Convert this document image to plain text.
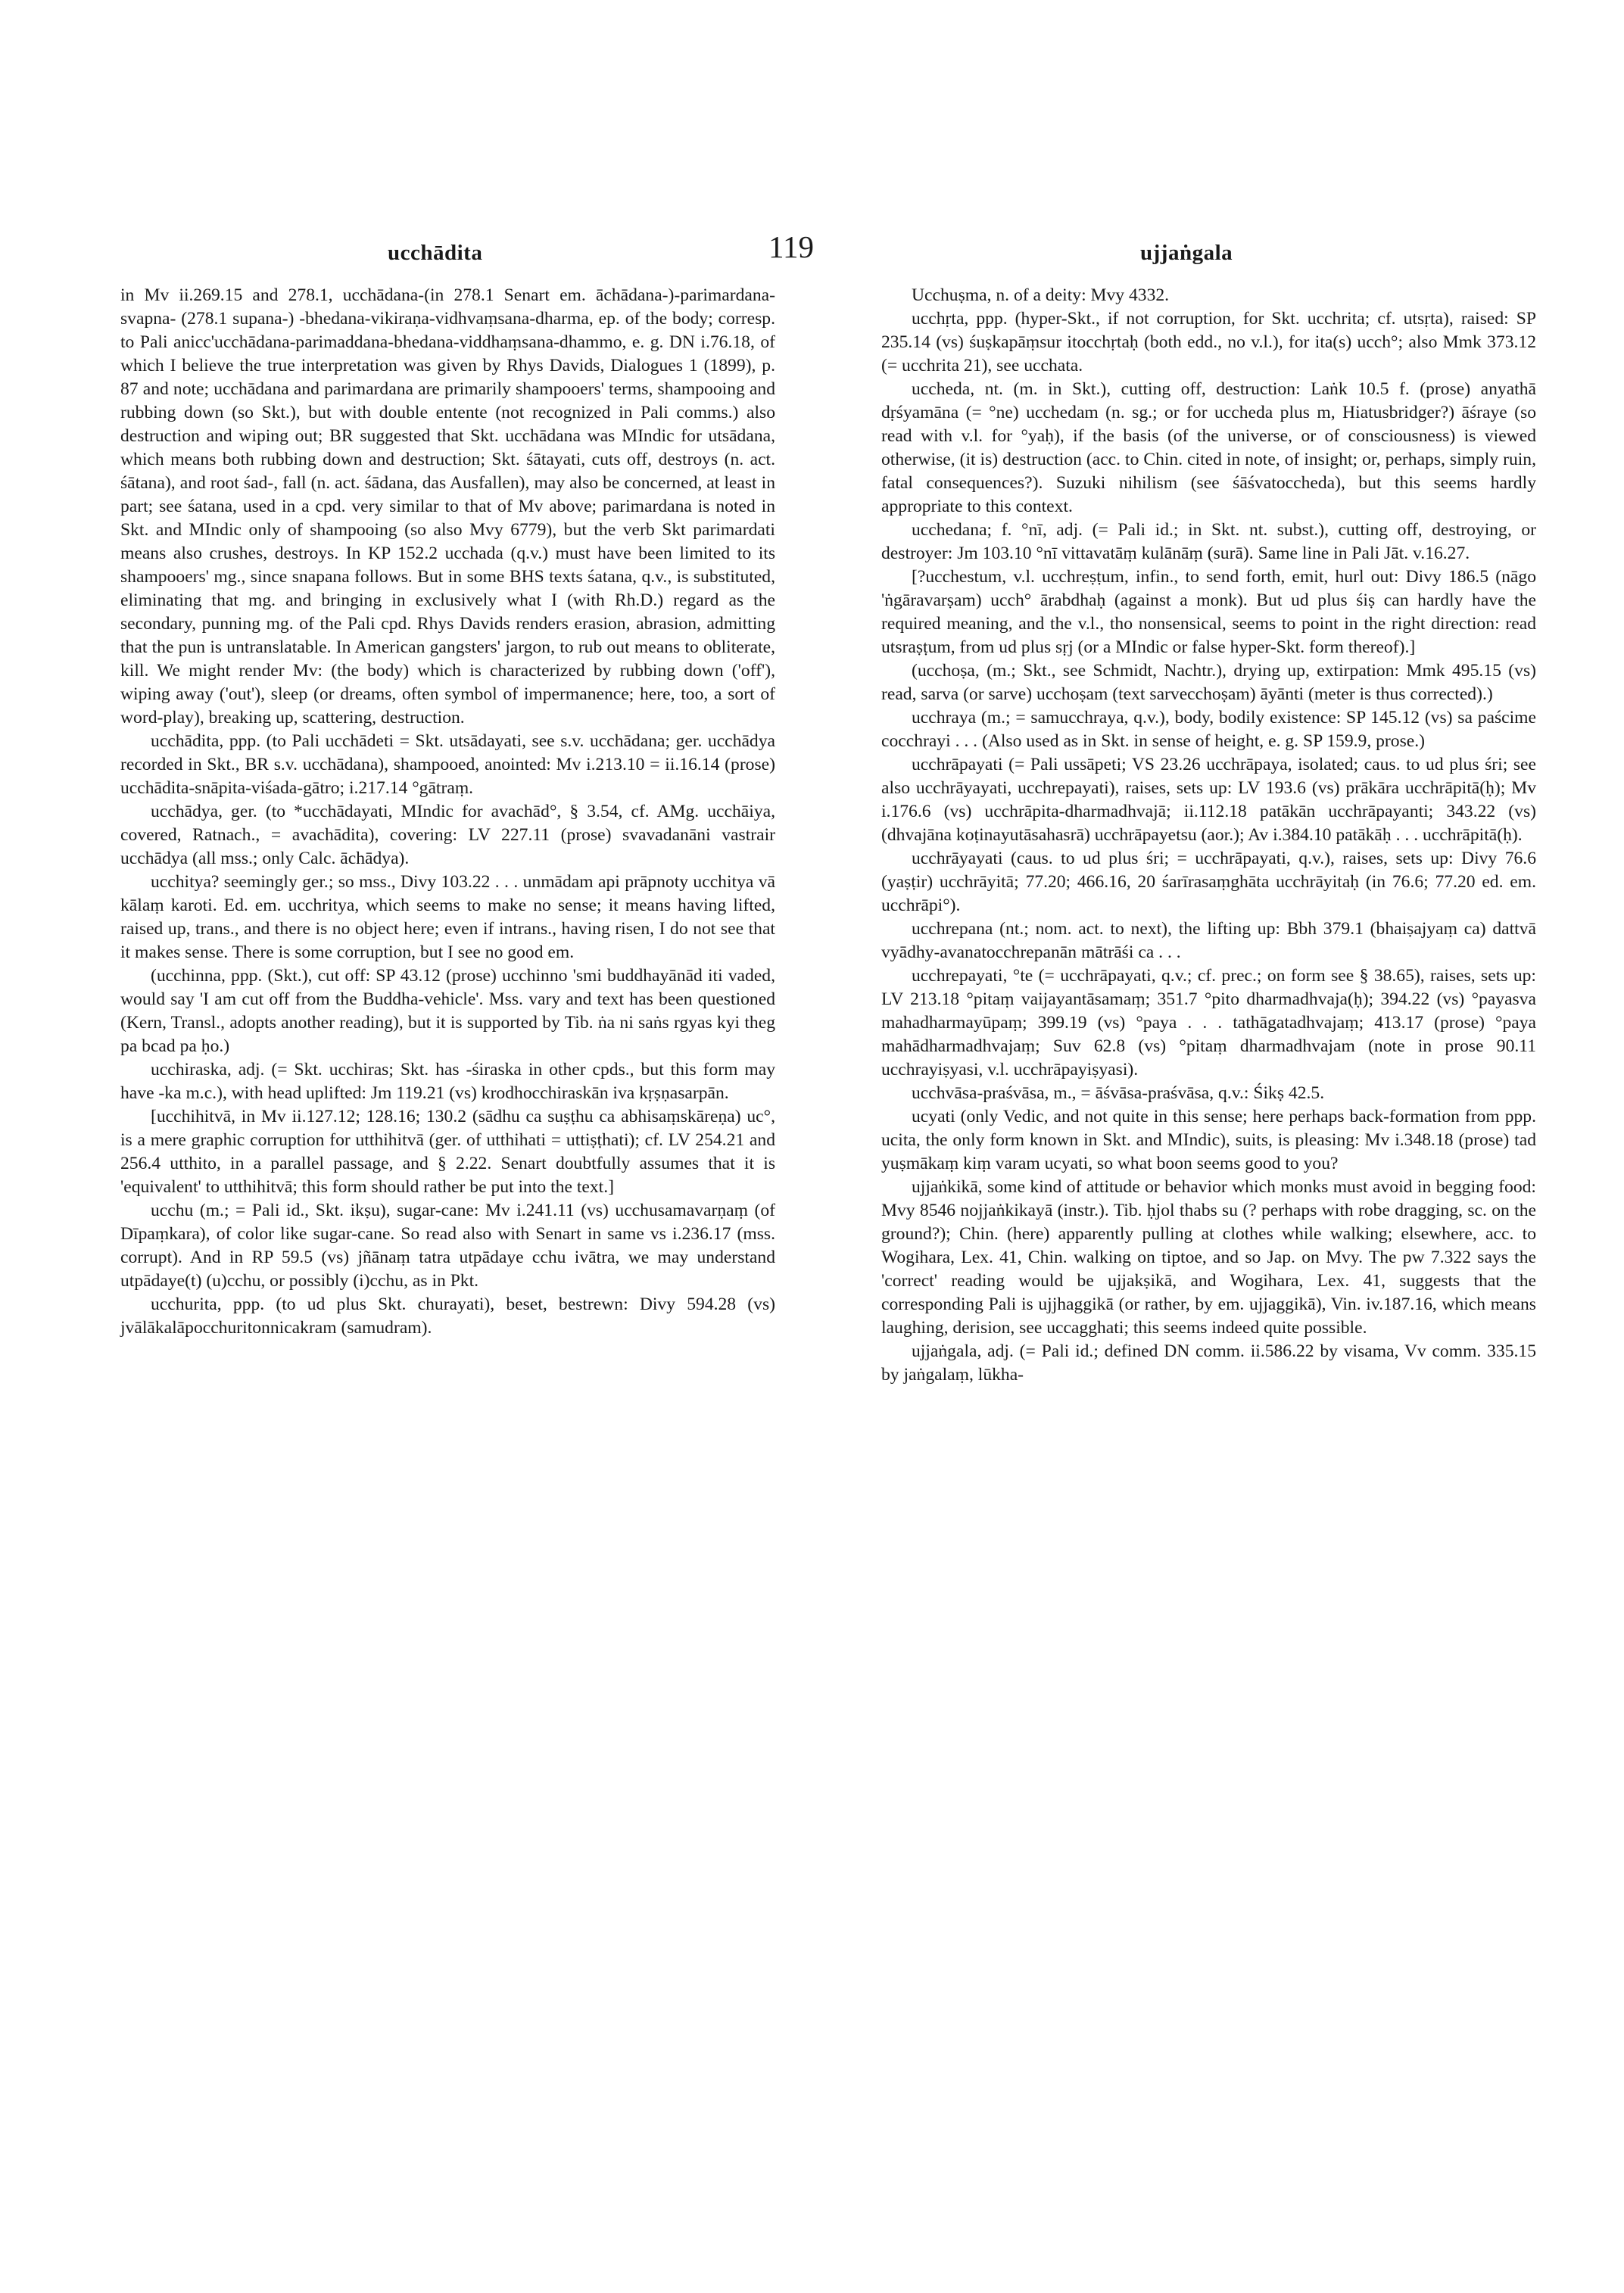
ucchādita	119	ujjaṅgala

in Mv ii.269.15 and 278.1, ucchādana-(in 278.1 Senart em. āchādana-)-parimardana-svapna- (278.1 supana-) -bhedana-vikiraṇa-vidhvaṃsana-dharma, ep. of the body; corresp. to Pali anicc'ucchādana-parimaddana-bhedana-viddhaṃsana-dhammo, e. g. DN i.76.18, of which I believe the true interpretation was given by Rhys Davids, Dialogues 1 (1899), p. 87 and note; ucchādana and parimardana are primarily shampooers' terms, shampooing and rubbing down (so Skt.), but with double entente (not recognized in Pali comms.) also destruction and wiping out; BR suggested that Skt. ucchādana was MIndic for utsādana, which means both rubbing down and destruction; Skt. śātayati, cuts off, destroys (n. act. śātana), and root śad-, fall (n. act. śādana, das Ausfallen), may also be concerned, at least in part; see śatana, used in a cpd. very similar to that of Mv above; parimardana is noted in Skt. and MIndic only of shampooing (so also Mvy 6779), but the verb Skt parimardati means also crushes, destroys. In KP 152.2 ucchada (q.v.) must have been limited to its shampooers' mg., since snapana follows. But in some BHS texts śatana, q.v., is substituted, eliminating that mg. and bringing in exclusively what I (with Rh.D.) regard as the secondary, punning mg. of the Pali cpd. Rhys Davids renders erasion, abrasion, admitting that the pun is untranslatable. In American gangsters' jargon, to rub out means to obliterate, kill. We might render Mv: (the body) which is characterized by rubbing down ('off'), wiping away ('out'), sleep (or dreams, often symbol of impermanence; here, too, a sort of word-play), breaking up, scattering, destruction.

ucchādita, ppp. (to Pali ucchādeti = Skt. utsādayati, see s.v. ucchādana; ger. ucchādya recorded in Skt., BR s.v. ucchādana), shampooed, anointed: Mv i.213.10 = ii.16.14 (prose) ucchādita-snāpita-viśada-gātro; i.217.14 °gātraṃ.

ucchādya, ger. (to *ucchādayati, MIndic for avachād°, § 3.54, cf. AMg. ucchāiya, covered, Ratnach., = avachādita), covering: LV 227.11 (prose) svavadanāni vastrair ucchādya (all mss.; only Calc. āchādya).

ucchitya? seemingly ger.; so mss., Divy 103.22 . . . unmādam api prāpnoty ucchitya vā kālaṃ karoti. Ed. em. ucchritya, which seems to make no sense; it means having lifted, raised up, trans., and there is no object here; even if intrans., having risen, I do not see that it makes sense. There is some corruption, but I see no good em.

(ucchinna, ppp. (Skt.), cut off: SP 43.12 (prose) ucchinno 'smi buddhayānād iti vaded, would say 'I am cut off from the Buddha-vehicle'. Mss. vary and text has been questioned (Kern, Transl., adopts another reading), but it is supported by Tib. ṅa ni saṅs rgyas kyi theg pa bcad pa ḥo.)

ucchiraska, adj. (= Skt. ucchiras; Skt. has -śiraska in other cpds., but this form may have -ka m.c.), with head uplifted: Jm 119.21 (vs) krodhocchiraskān iva kṛṣṇasarpān.

[ucchihitvā, in Mv ii.127.12; 128.16; 130.2 (sādhu ca suṣṭhu ca abhisaṃskāreṇa) uc°, is a mere graphic corruption for utthihitvā (ger. of utthihati = uttiṣṭhati); cf. LV 254.21 and 256.4 utthito, in a parallel passage, and § 2.22. Senart doubtfully assumes that it is 'equivalent' to utthihitvā; this form should rather be put into the text.]

ucchu (m.; = Pali id., Skt. ikṣu), sugar-cane: Mv i.241.11 (vs) ucchusamavarṇaṃ (of Dīpaṃkara), of color like sugar-cane. So read also with Senart in same vs i.236.17 (mss. corrupt). And in RP 59.5 (vs) jñānaṃ tatra utpādaye cchu ivātra, we may understand utpādaye(t) (u)cchu, or possibly (i)cchu, as in Pkt.

ucchurita, ppp. (to ud plus Skt. churayati), beset, bestrewn: Divy 594.28 (vs) jvālākalāpocchuritonnicakram (samudram).

Ucchuṣma, n. of a deity: Mvy 4332.

ucchṛta, ppp. (hyper-Skt., if not corruption, for Skt. ucchrita; cf. utsṛta), raised: SP 235.14 (vs) śuṣkapāṃsur itocchṛtaḥ (both edd., no v.l.), for ita(s) ucch°; also Mmk 373.12 (= ucchrita 21), see ucchata.

uccheda, nt. (m. in Skt.), cutting off, destruction: Laṅk 10.5 f. (prose) anyathā dṛśyamāna (= °ne) ucchedam (n. sg.; or for uccheda plus m, Hiatusbridger?) āśraye (so read with v.l. for °yaḥ), if the basis (of the universe, or of consciousness) is viewed otherwise, (it is) destruction (acc. to Chin. cited in note, of insight; or, perhaps, simply ruin, fatal consequences?). Suzuki nihilism (see śāśvatoccheda), but this seems hardly appropriate to this context.

ucchedana; f. °nī, adj. (= Pali id.; in Skt. nt. subst.), cutting off, destroying, or destroyer: Jm 103.10 °nī vittavatāṃ kulānāṃ (surā). Same line in Pali Jāt. v.16.27.

[?ucchestum, v.l. ucchreṣṭum, infin., to send forth, emit, hurl out: Divy 186.5 (nāgo 'ṅgāravarṣam) ucch° ārabdhaḥ (against a monk). But ud plus śiṣ can hardly have the required meaning, and the v.l., tho nonsensical, seems to point in the right direction: read utsraṣṭum, from ud plus sṛj (or a MIndic or false hyper-Skt. form thereof).]

(ucchoṣa, (m.; Skt., see Schmidt, Nachtr.), drying up, extirpation: Mmk 495.15 (vs) read, sarva (or sarve) ucchoṣam (text sarvecchoṣam) āyānti (meter is thus corrected).)

ucchraya (m.; = samucchraya, q.v.), body, bodily existence: SP 145.12 (vs) sa paścime cocchrayi . . . (Also used as in Skt. in sense of height, e. g. SP 159.9, prose.)

ucchrāpayati (= Pali ussāpeti; VS 23.26 ucchrāpaya, isolated; caus. to ud plus śri; see also ucchrāyayati, ucchrepayati), raises, sets up: LV 193.6 (vs) prākāra ucchrāpitā(ḥ); Mv i.176.6 (vs) ucchrāpita-dharmadhvajā; ii.112.18 patākān ucchrāpayanti; 343.22 (vs) (dhvajāna koṭinayutāsahasrā) ucchrāpayetsu (aor.); Av i.384.10 patākāḥ . . . ucchrāpitā(ḥ).

ucchrāyayati (caus. to ud plus śri; = ucchrāpayati, q.v.), raises, sets up: Divy 76.6 (yaṣṭir) ucchrāyitā; 77.20; 466.16, 20 śarīrasaṃghāta ucchrāyitaḥ (in 76.6; 77.20 ed. em. ucchrāpi°).

ucchrepana (nt.; nom. act. to next), the lifting up: Bbh 379.1 (bhaiṣajyaṃ ca) dattvā vyādhy-avanatocchrepanān mātrāśi ca . . .

ucchrepayati, °te (= ucchrāpayati, q.v.; cf. prec.; on form see § 38.65), raises, sets up: LV 213.18 °pitaṃ vaijayantāsamaṃ; 351.7 °pito dharmadhvaja(ḥ); 394.22 (vs) °payasva mahadharmayūpaṃ; 399.19 (vs) °paya . . . tathāgatadhvajaṃ; 413.17 (prose) °paya mahādharmadhvajaṃ; Suv 62.8 (vs) °pitaṃ dharmadhvajam (note in prose 90.11 ucchrayiṣyasi, v.l. ucchrāpayiṣyasi).

ucchvāsa-praśvāsa, m., = āśvāsa-praśvāsa, q.v.: Śikṣ 42.5.

ucyati (only Vedic, and not quite in this sense; here perhaps back-formation from ppp. ucita, the only form known in Skt. and MIndic), suits, is pleasing: Mv i.348.18 (prose) tad yuṣmākaṃ kiṃ varam ucyati, so what boon seems good to you?

ujjaṅkikā, some kind of attitude or behavior which monks must avoid in begging food: Mvy 8546 nojjaṅkikayā (instr.). Tib. ḥjol thabs su (? perhaps with robe dragging, sc. on the ground?); Chin. (here) apparently pulling at clothes while walking; elsewhere, acc. to Wogihara, Lex. 41, Chin. walking on tiptoe, and so Jap. on Mvy. The pw 7.322 says the 'correct' reading would be ujjakṣikā, and Wogihara, Lex. 41, suggests that the corresponding Pali is ujjhaggikā (or rather, by em. ujjaggikā), Vin. iv.187.16, which means laughing, derision, see uccagghati; this seems indeed quite possible.

ujjaṅgala, adj. (= Pali id.; defined DN comm. ii.586.22 by visama, Vv comm. 335.15 by jaṅgalaṃ, lūkha-
